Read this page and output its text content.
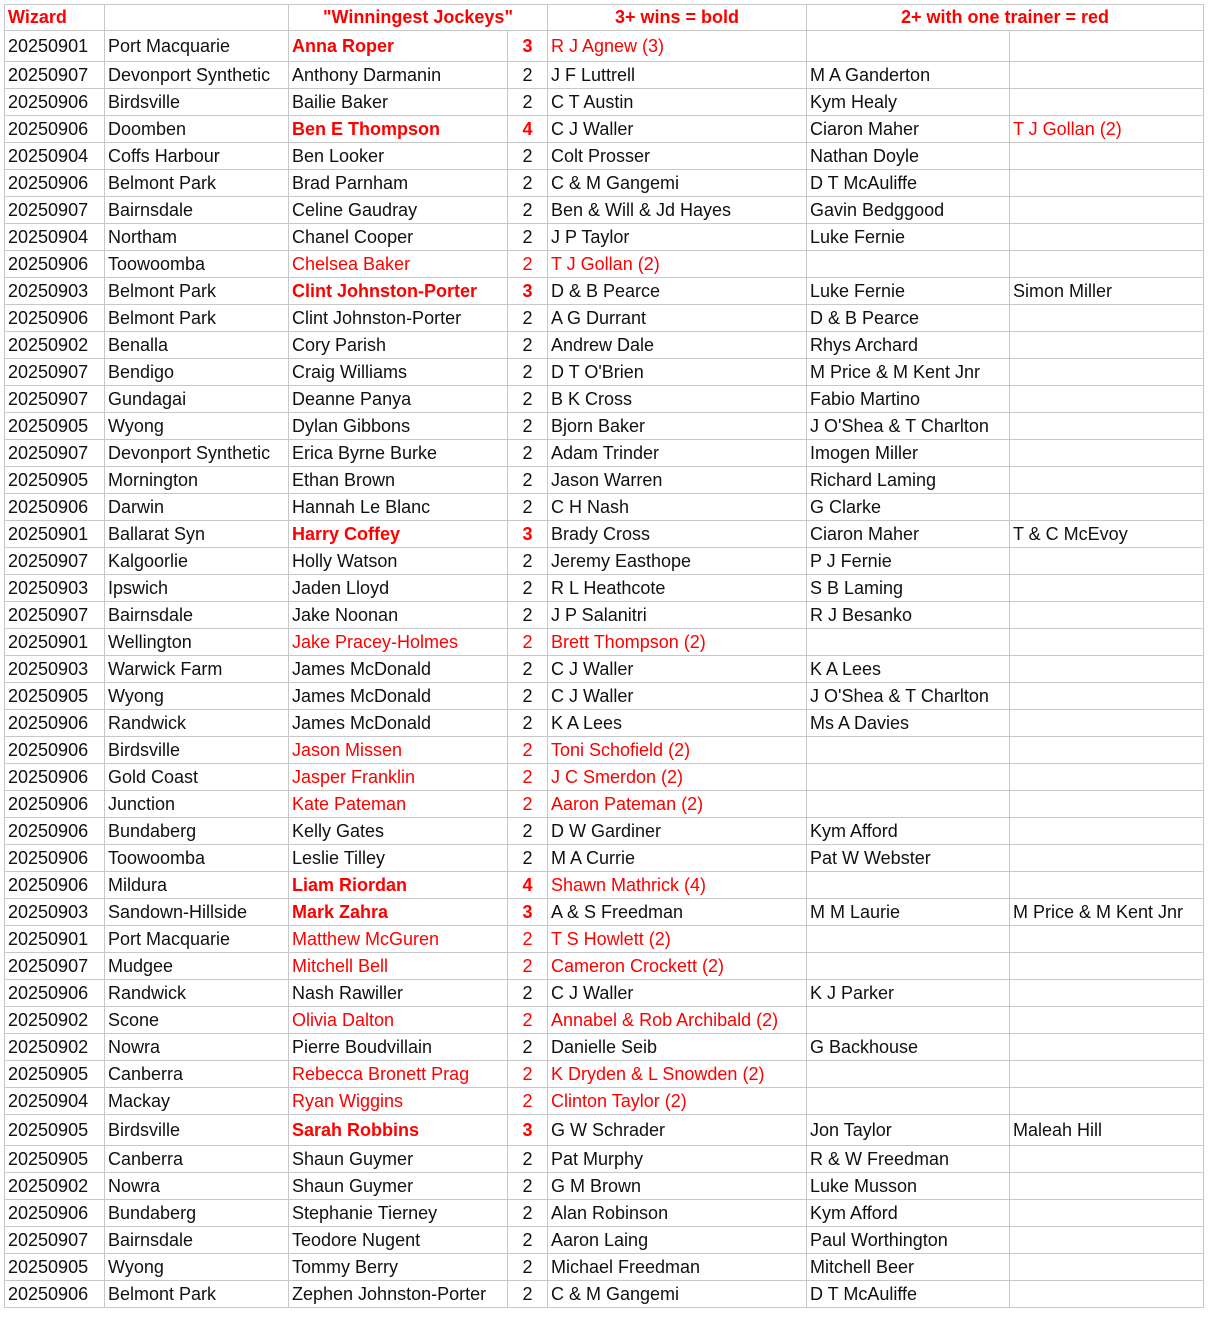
Wizard		"Winningest Jockeys"		3+ wins = bold	2+ with one trainer = red	
20250901	Port Macquarie	Anna Roper	3	R J Agnew (3)		
20250907	Devonport Synthetic	Anthony Darmanin	2	J F Luttrell	M A Ganderton	
20250906	Birdsville	Bailie Baker	2	C T Austin	Kym Healy	
20250906	Doomben	Ben E Thompson	4	C J Waller	Ciaron Maher	T J Gollan (2)
20250904	Coffs Harbour	Ben Looker	2	Colt Prosser	Nathan Doyle	
20250906	Belmont Park	Brad Parnham	2	C & M Gangemi	D T McAuliffe	
20250907	Bairnsdale	Celine Gaudray	2	Ben & Will & Jd Hayes	Gavin Bedggood	
20250904	Northam	Chanel Cooper	2	J P Taylor	Luke Fernie	
20250906	Toowoomba	Chelsea Baker	2	T J Gollan (2)		
20250903	Belmont Park	Clint Johnston-Porter	3	D & B Pearce	Luke Fernie	Simon Miller
20250906	Belmont Park	Clint Johnston-Porter	2	A G Durrant	D & B Pearce	
20250902	Benalla	Cory Parish	2	Andrew Dale	Rhys Archard	
20250907	Bendigo	Craig Williams	2	D T O'Brien	M Price & M Kent Jnr	
20250907	Gundagai	Deanne Panya	2	B K Cross	Fabio Martino	
20250905	Wyong	Dylan Gibbons	2	Bjorn Baker	J O'Shea & T Charlton	
20250907	Devonport Synthetic	Erica Byrne Burke	2	Adam Trinder	Imogen Miller	
20250905	Mornington	Ethan Brown	2	Jason Warren	Richard Laming	
20250906	Darwin	Hannah Le Blanc	2	C H Nash	G Clarke	
20250901	Ballarat Syn	Harry Coffey	3	Brady Cross	Ciaron Maher	T & C McEvoy
20250907	Kalgoorlie	Holly Watson	2	Jeremy Easthope	P J Fernie	
20250903	Ipswich	Jaden Lloyd	2	R L Heathcote	S B Laming	
20250907	Bairnsdale	Jake Noonan	2	J P Salanitri	R J Besanko	
20250901	Wellington	Jake Pracey-Holmes	2	Brett Thompson (2)		
20250903	Warwick Farm	James McDonald	2	C J Waller	K A Lees	
20250905	Wyong	James McDonald	2	C J Waller	J O'Shea & T Charlton	
20250906	Randwick	James McDonald	2	K A Lees	Ms A Davies	
20250906	Birdsville	Jason Missen	2	Toni Schofield (2)		
20250906	Gold Coast	Jasper Franklin	2	J C Smerdon (2)		
20250906	Junction	Kate Pateman	2	Aaron Pateman (2)		
20250906	Bundaberg	Kelly Gates	2	D W Gardiner	Kym Afford	
20250906	Toowoomba	Leslie Tilley	2	M A Currie	Pat W Webster	
20250906	Mildura	Liam Riordan	4	Shawn Mathrick (4)		
20250903	Sandown-Hillside	Mark Zahra	3	A & S Freedman	M M Laurie	M Price & M Kent Jnr
20250901	Port Macquarie	Matthew McGuren	2	T S Howlett (2)		
20250907	Mudgee	Mitchell Bell	2	Cameron Crockett (2)		
20250906	Randwick	Nash Rawiller	2	C J Waller	K J Parker	
20250902	Scone	Olivia Dalton	2	Annabel & Rob Archibald (2)		
20250902	Nowra	Pierre Boudvillain	2	Danielle Seib	G Backhouse	
20250905	Canberra	Rebecca Bronett Prag	2	K Dryden & L Snowden (2)		
20250904	Mackay	Ryan Wiggins	2	Clinton Taylor (2)		
20250905	Birdsville	Sarah Robbins	3	G W Schrader	Jon Taylor	Maleah Hill
20250905	Canberra	Shaun Guymer	2	Pat Murphy	R & W Freedman	
20250902	Nowra	Shaun Guymer	2	G M Brown	Luke Musson	
20250906	Bundaberg	Stephanie Tierney	2	Alan Robinson	Kym Afford	
20250907	Bairnsdale	Teodore Nugent	2	Aaron Laing	Paul Worthington	
20250905	Wyong	Tommy Berry	2	Michael Freedman	Mitchell Beer	
20250906	Belmont Park	Zephen Johnston-Porter	2	C & M Gangemi	D T McAuliffe	
